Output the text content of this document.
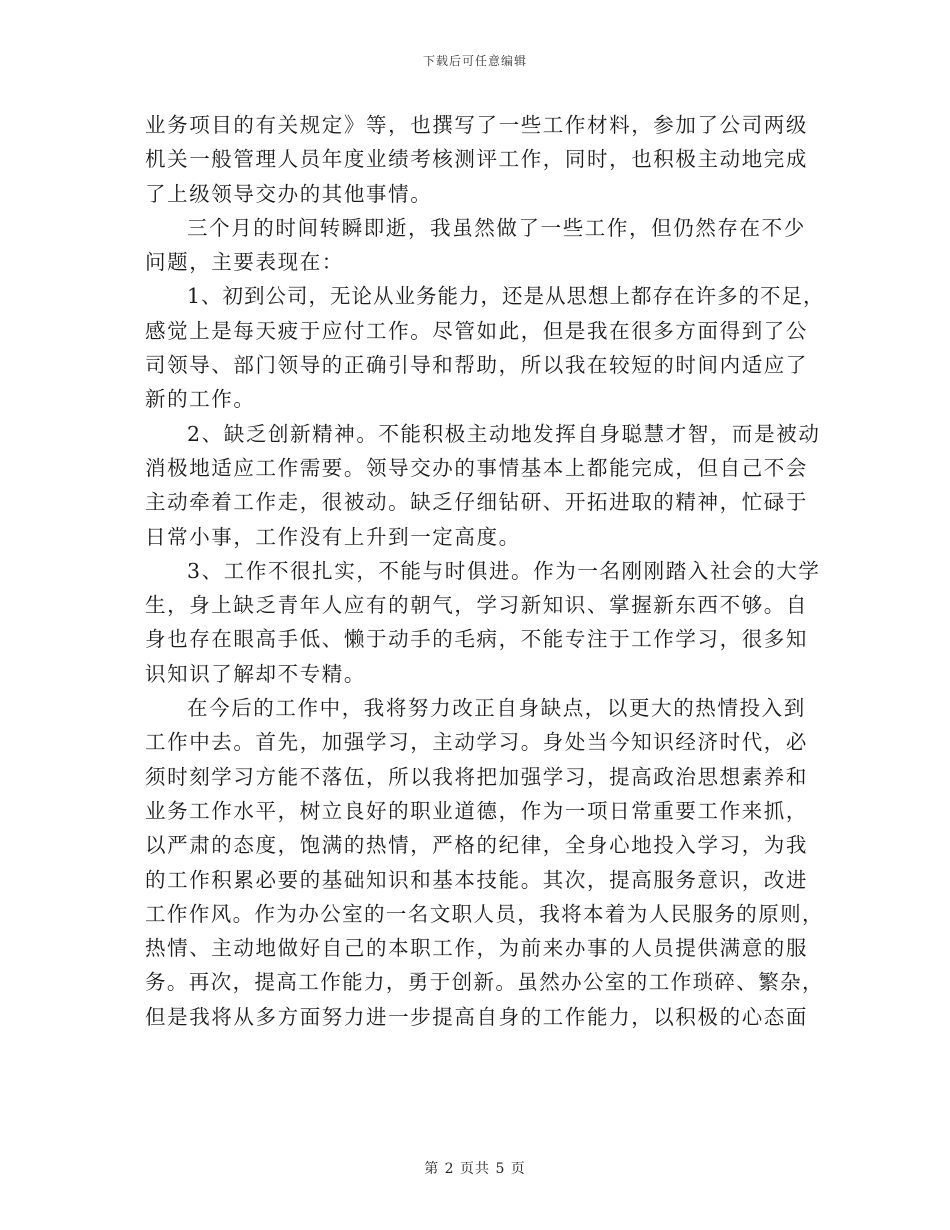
下载后可任意编辑
业务项目的有关规定》等，也撰写了一些工作材料，参加了公司两级
机关一般管理人员年度业绩考核测评工作，同时，也积极主动地完成
了上级领导交办的其他事情。
三个月的时间转瞬即逝，我虽然做了一些工作，但仍然存在不少
问题，主要表现在：
1、初到公司，无论从业务能力，还是从思想上都存在许多的不足，
感觉上是每天疲于应付工作。尽管如此，但是我在很多方面得到了公
司领导、部门领导的正确引导和帮助，所以我在较短的时间内适应了
新的工作。
2、缺乏创新精神。不能积极主动地发挥自身聪慧才智，而是被动
消极地适应工作需要。领导交办的事情基本上都能完成，但自己不会
主动牵着工作走，很被动。缺乏仔细钻研、开拓进取的精神，忙碌于
日常小事，工作没有上升到一定高度。
3、工作不很扎实，不能与时俱进。作为一名刚刚踏入社会的大学
生，身上缺乏青年人应有的朝气，学习新知识、掌握新东西不够。自
身也存在眼高手低、懒于动手的毛病，不能专注于工作学习，很多知
识知识了解却不专精。
在今后的工作中，我将努力改正自身缺点，以更大的热情投入到
工作中去。首先，加强学习，主动学习。身处当今知识经济时代，必
须时刻学习方能不落伍，所以我将把加强学习，提高政治思想素养和
业务工作水平，树立良好的职业道德，作为一项日常重要工作来抓，
以严肃的态度，饱满的热情，严格的纪律，全身心地投入学习，为我
的工作积累必要的基础知识和基本技能。其次，提高服务意识，改进
工作作风。作为办公室的一名文职人员，我将本着为人民服务的原则，
热情、主动地做好自己的本职工作，为前来办事的人员提供满意的服
务。再次，提高工作能力，勇于创新。虽然办公室的工作琐碎、繁杂，
但是我将从多方面努力进一步提高自身的工作能力，以积极的心态面
第 2 页共 5 页
